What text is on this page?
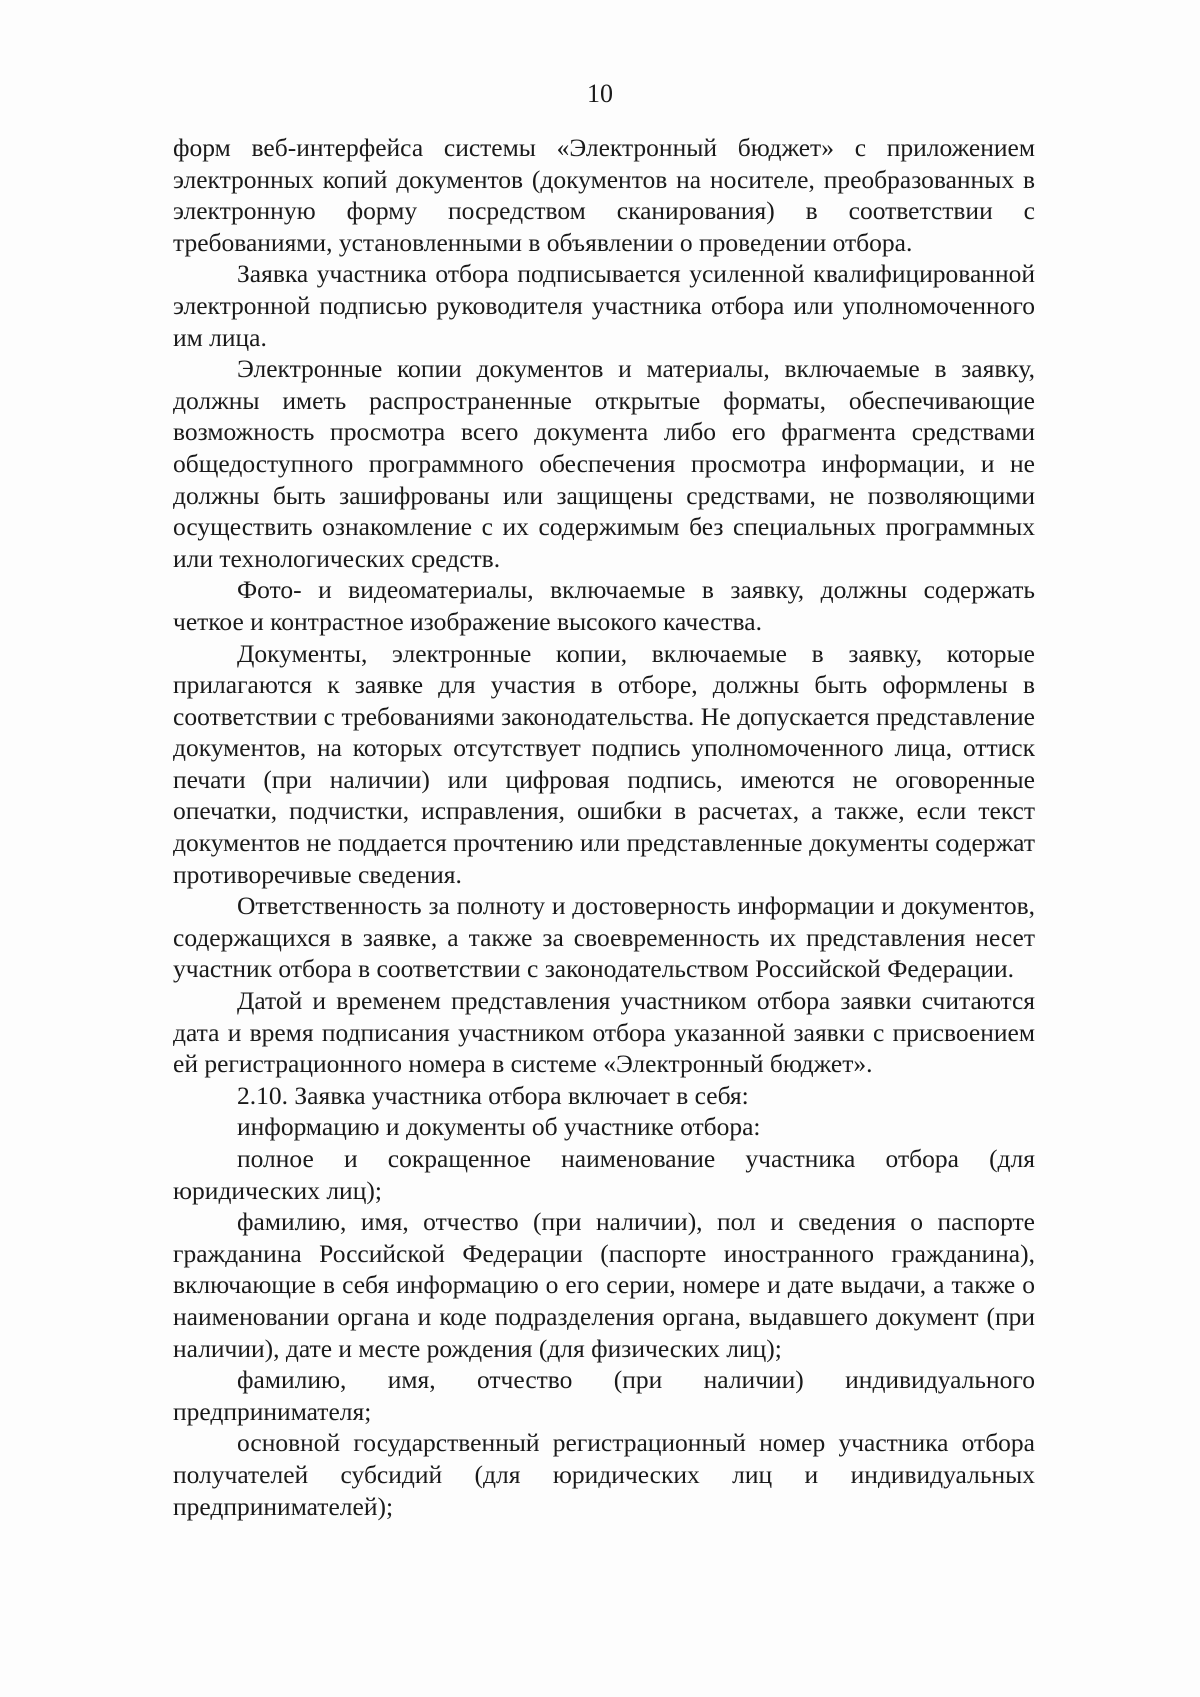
10

форм веб-интерфейса системы «Электронный бюджет» с приложением электронных копий документов (документов на носителе, преобразованных в электронную форму посредством сканирования) в соответствии с требованиями, установленными в объявлении о проведении отбора.

Заявка участника отбора подписывается усиленной квалифицированной электронной подписью руководителя участника отбора или уполномоченного им лица.

Электронные копии документов и материалы, включаемые в заявку, должны иметь распространенные открытые форматы, обеспечивающие возможность просмотра всего документа либо его фрагмента средствами общедоступного программного обеспечения просмотра информации, и не должны быть зашифрованы или защищены средствами, не позволяющими осуществить ознакомление с их содержимым без специальных программных или технологических средств.

Фото- и видеоматериалы, включаемые в заявку, должны содержать четкое и контрастное изображение высокого качества.

Документы, электронные копии, включаемые в заявку, которые прилагаются к заявке для участия в отборе, должны быть оформлены в соответствии с требованиями законодательства. Не допускается представление документов, на которых отсутствует подпись уполномоченного лица, оттиск печати (при наличии) или цифровая подпись, имеются не оговоренные опечатки, подчистки, исправления, ошибки в расчетах, а также, если текст документов не поддается прочтению или представленные документы содержат противоречивые сведения.

Ответственность за полноту и достоверность информации и документов, содержащихся в заявке, а также за своевременность их представления несет участник отбора в соответствии с законодательством Российской Федерации.

Датой и временем представления участником отбора заявки считаются дата и время подписания участником отбора указанной заявки с присвоением ей регистрационного номера в системе «Электронный бюджет».

2.10. Заявка участника отбора включает в себя:

информацию и документы об участнике отбора:

полное и сокращенное наименование участника отбора (для юридических лиц);

фамилию, имя, отчество (при наличии), пол и сведения о паспорте гражданина Российской Федерации (паспорте иностранного гражданина), включающие в себя информацию о его серии, номере и дате выдачи, а также о наименовании органа и коде подразделения органа, выдавшего документ (при наличии), дате и месте рождения (для физических лиц);

фамилию, имя, отчество (при наличии) индивидуального предпринимателя;

основной государственный регистрационный номер участника отбора получателей субсидий (для юридических лиц и индивидуальных предпринимателей);
